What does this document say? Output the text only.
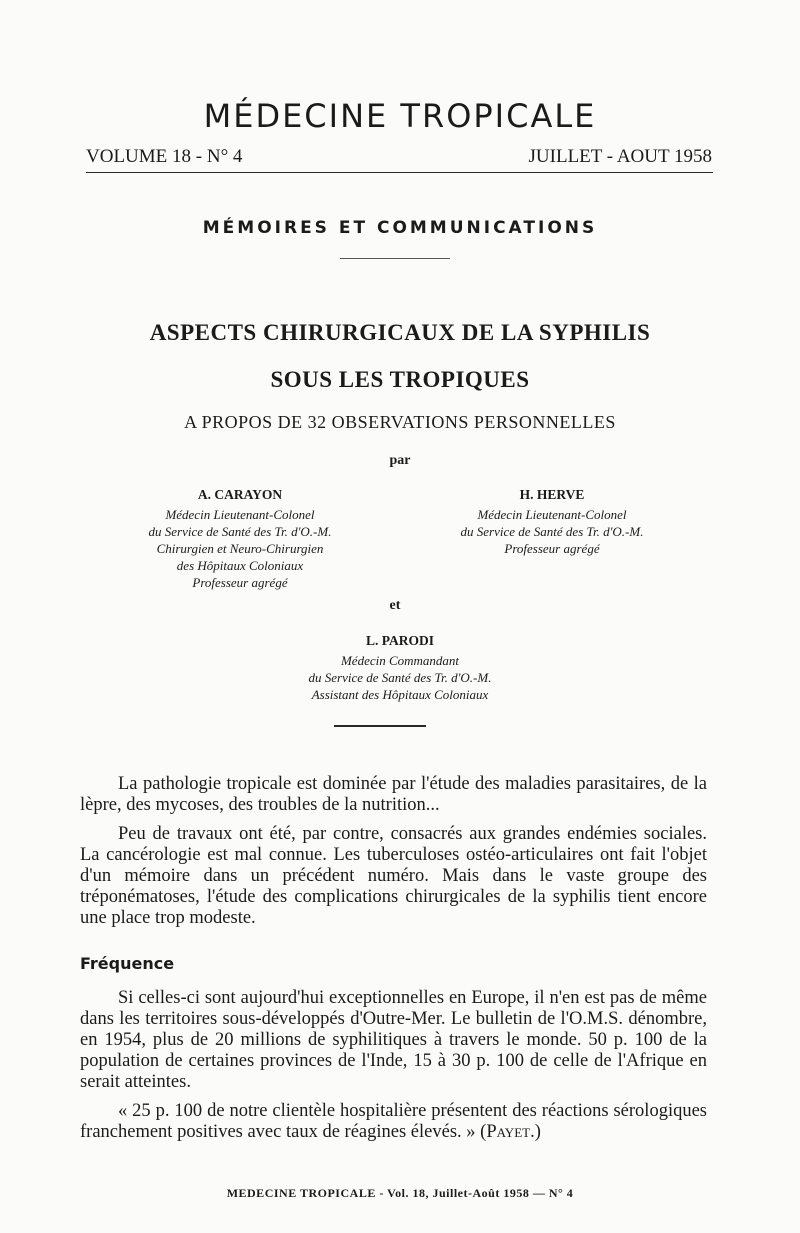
MÉDECINE TROPICALE
VOLUME 18 - N° 4	JUILLET - AOUT 1958
MÉMOIRES ET COMMUNICATIONS
ASPECTS CHIRURGICAUX DE LA SYPHILIS
SOUS LES TROPIQUES
A PROPOS DE 32 OBSERVATIONS PERSONNELLES
par
A. CARAYON
Médecin Lieutenant-Colonel
du Service de Santé des Tr. d'O.-M.
Chirurgien et Neuro-Chirurgien
des Hôpitaux Coloniaux
Professeur agrégé
H. HERVE
Médecin Lieutenant-Colonel
du Service de Santé des Tr. d'O.-M.
Professeur agrégé
et
L. PARODI
Médecin Commandant
du Service de Santé des Tr. d'O.-M.
Assistant des Hôpitaux Coloniaux

La pathologie tropicale est dominée par l'étude des maladies parasitaires, de la lèpre, des mycoses, des troubles de la nutrition...

Peu de travaux ont été, par contre, consacrés aux grandes endémies sociales. La cancérologie est mal connue. Les tuberculoses ostéo-articulaires ont fait l'objet d'un mémoire dans un précédent numéro. Mais dans le vaste groupe des tréponématoses, l'étude des complications chirurgicales de la syphilis tient encore une place trop modeste.

Fréquence

Si celles-ci sont aujourd'hui exceptionnelles en Europe, il n'en est pas de même dans les territoires sous-développés d'Outre-Mer. Le bulletin de l'O.M.S. dénombre, en 1954, plus de 20 millions de syphilitiques à travers le monde. 50 p. 100 de la population de certaines provinces de l'Inde, 15 à 30 p. 100 de celle de l'Afrique en serait atteintes.

« 25 p. 100 de notre clientèle hospitalière présentent des réactions sérologiques franchement positives avec taux de réagines élevés. » (Payet.)

MEDECINE TROPICALE - Vol. 18, Juillet-Août 1958 — N° 4
